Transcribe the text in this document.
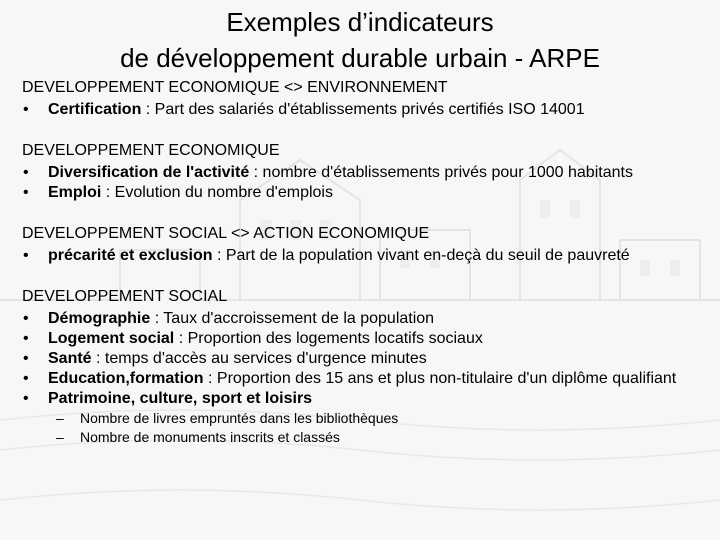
Exemples d’indicateurs
de développement durable urbain - ARPE
DEVELOPPEMENT ECONOMIQUE <> ENVIRONNEMENT
• Certification : Part des salariés d'établissements privés certifiés ISO 14001
DEVELOPPEMENT ECONOMIQUE
• Diversification de l'activité : nombre d'établissements privés pour 1000 habitants
• Emploi : Evolution du nombre d'emplois
DEVELOPPEMENT SOCIAL <> ACTION ECONOMIQUE
• précarité et exclusion : Part de la population vivant en-deçà du seuil de pauvreté
DEVELOPPEMENT SOCIAL
• Démographie : Taux d'accroissement de la population
• Logement social : Proportion des logements locatifs sociaux
• Santé : temps d'accès au services d'urgence minutes
• Education,formation : Proportion des 15 ans et plus non-titulaire d'un diplôme qualifiant
• Patrimoine, culture, sport et loisirs
– Nombre de livres empruntés dans les bibliothèques
– Nombre de monuments inscrits et classés
